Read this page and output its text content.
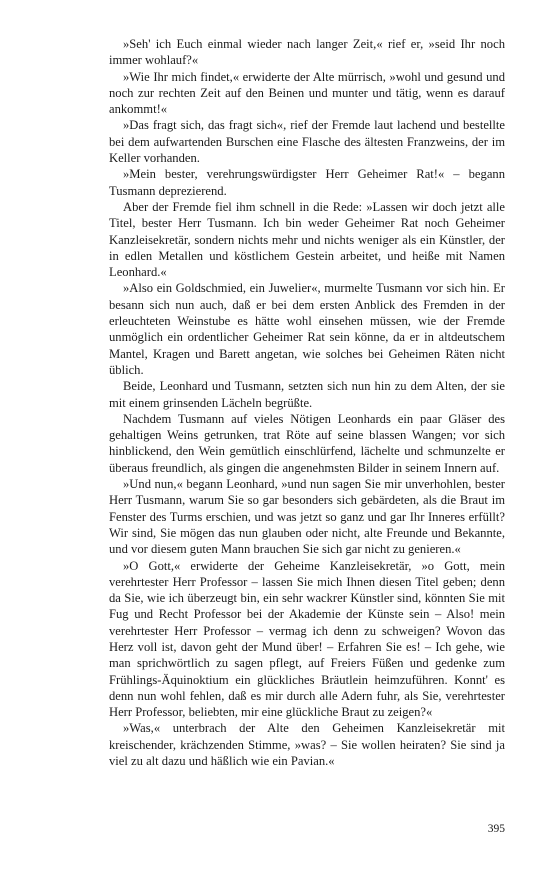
»Seh' ich Euch einmal wieder nach langer Zeit,« rief er, »seid Ihr noch immer wohlauf?«

»Wie Ihr mich findet,« erwiderte der Alte mürrisch, »wohl und gesund und noch zur rechten Zeit auf den Beinen und munter und tätig, wenn es darauf ankommt!«

»Das fragt sich, das fragt sich«, rief der Fremde laut lachend und bestellte bei dem aufwartenden Burschen eine Flasche des ältesten Franzweins, der im Keller vorhanden.

»Mein bester, verehrungswürdigster Herr Geheimer Rat!« – begann Tusmann deprezierend.

Aber der Fremde fiel ihm schnell in die Rede: »Lassen wir doch jetzt alle Titel, bester Herr Tusmann. Ich bin weder Geheimer Rat noch Geheimer Kanzleisekretär, sondern nichts mehr und nichts weniger als ein Künstler, der in edlen Metallen und köstlichem Gestein arbeitet, und heiße mit Namen Leonhard.«

»Also ein Goldschmied, ein Juwelier«, murmelte Tusmann vor sich hin. Er besann sich nun auch, daß er bei dem ersten Anblick des Fremden in der erleuchteten Weinstube es hätte wohl einsehen müssen, wie der Fremde unmöglich ein ordentlicher Geheimer Rat sein könne, da er in altdeutschem Mantel, Kragen und Barett angetan, wie solches bei Geheimen Räten nicht üblich.

Beide, Leonhard und Tusmann, setzten sich nun hin zu dem Alten, der sie mit einem grinsenden Lächeln begrüßte.

Nachdem Tusmann auf vieles Nötigen Leonhards ein paar Gläser des gehaltigen Weins getrunken, trat Röte auf seine blassen Wangen; vor sich hinblickend, den Wein gemütlich einschlürfend, lächelte und schmunzelte er überaus freundlich, als gingen die angenehmsten Bilder in seinem Innern auf.

»Und nun,« begann Leonhard, »und nun sagen Sie mir unverhohlen, bester Herr Tusmann, warum Sie so gar besonders sich gebärdeten, als die Braut im Fenster des Turms erschien, und was jetzt so ganz und gar Ihr Inneres erfüllt? Wir sind, Sie mögen das nun glauben oder nicht, alte Freunde und Bekannte, und vor diesem guten Mann brauchen Sie sich gar nicht zu genieren.«

»O Gott,« erwiderte der Geheime Kanzleisekretär, »o Gott, mein verehrtester Herr Professor – lassen Sie mich Ihnen diesen Titel geben; denn da Sie, wie ich überzeugt bin, ein sehr wackrer Künstler sind, könnten Sie mit Fug und Recht Professor bei der Akademie der Künste sein – Also! mein verehrtester Herr Professor – vermag ich denn zu schweigen? Wovon das Herz voll ist, davon geht der Mund über! – Erfahren Sie es! – Ich gehe, wie man sprichwörtlich zu sagen pflegt, auf Freiers Füßen und gedenke zum Frühlings-Äquinoktium ein glückliches Bräutlein heimzuführen. Konnt' es denn nun wohl fehlen, daß es mir durch alle Adern fuhr, als Sie, verehrtester Herr Professor, beliebten, mir eine glückliche Braut zu zeigen?«

»Was,« unterbrach der Alte den Geheimen Kanzleisekretär mit kreischender, krächzenden Stimme, »was? – Sie wollen heiraten? Sie sind ja viel zu alt dazu und häßlich wie ein Pavian.«

395
